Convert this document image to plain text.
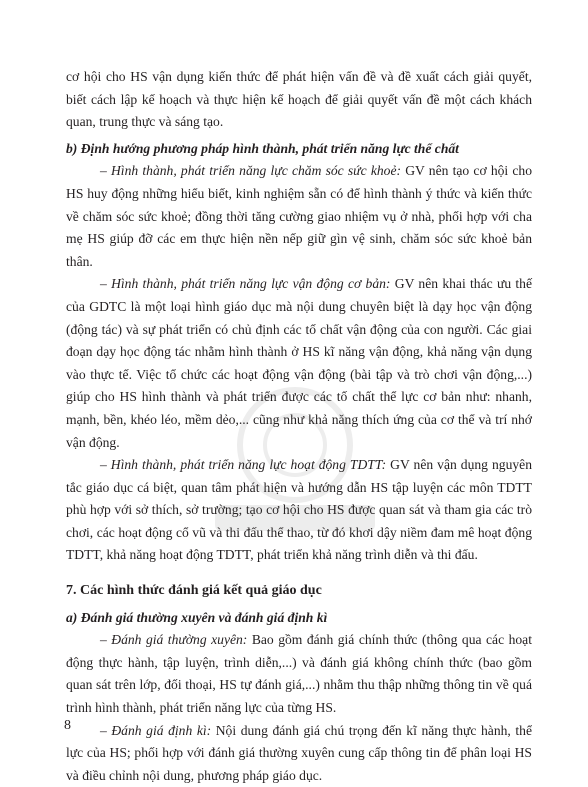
cơ hội cho HS vận dụng kiến thức để phát hiện vấn đề và đề xuất cách giải quyết, biết cách lập kế hoạch và thực hiện kế hoạch để giải quyết vấn đề một cách khách quan, trung thực và sáng tạo.

b) Định hướng phương pháp hình thành, phát triển năng lực thể chất

– Hình thành, phát triển năng lực chăm sóc sức khoẻ: GV nên tạo cơ hội cho HS huy động những hiểu biết, kinh nghiệm sẵn có để hình thành ý thức và kiến thức về chăm sóc sức khoẻ; đồng thời tăng cường giao nhiệm vụ ở nhà, phối hợp với cha mẹ HS giúp đỡ các em thực hiện nền nếp giữ gìn vệ sinh, chăm sóc sức khoẻ bản thân.

– Hình thành, phát triển năng lực vận động cơ bản: GV nên khai thác ưu thế của GDTC là một loại hình giáo dục mà nội dung chuyên biệt là dạy học vận động (động tác) và sự phát triển có chủ định các tố chất vận động của con người. Các giai đoạn dạy học động tác nhằm hình thành ở HS kĩ năng vận động, khả năng vận dụng vào thực tế. Việc tổ chức các hoạt động vận động (bài tập và trò chơi vận động,...) giúp cho HS hình thành và phát triển được các tố chất thể lực cơ bản như: nhanh, mạnh, bền, khéo léo, mềm dẻo,... cũng như khả năng thích ứng của cơ thể và trí nhớ vận động.

– Hình thành, phát triển năng lực hoạt động TDTT: GV nên vận dụng nguyên tắc giáo dục cá biệt, quan tâm phát hiện và hướng dẫn HS tập luyện các môn TDTT phù hợp với sở thích, sở trường; tạo cơ hội cho HS được quan sát và tham gia các trò chơi, các hoạt động cổ vũ và thi đấu thể thao, từ đó khơi dậy niềm đam mê hoạt động TDTT, khả năng hoạt động TDTT, phát triển khả năng trình diễn và thi đấu.

7. Các hình thức đánh giá kết quả giáo dục
a) Đánh giá thường xuyên và đánh giá định kì

– Đánh giá thường xuyên: Bao gồm đánh giá chính thức (thông qua các hoạt động thực hành, tập luyện, trình diễn,...) và đánh giá không chính thức (bao gồm quan sát trên lớp, đối thoại, HS tự đánh giá,...) nhằm thu thập những thông tin về quá trình hình thành, phát triển năng lực của từng HS.

– Đánh giá định kì: Nội dung đánh giá chú trọng đến kĩ năng thực hành, thể lực của HS; phối hợp với đánh giá thường xuyên cung cấp thông tin để phân loại HS và điều chỉnh nội dung, phương pháp giáo dục.

8
